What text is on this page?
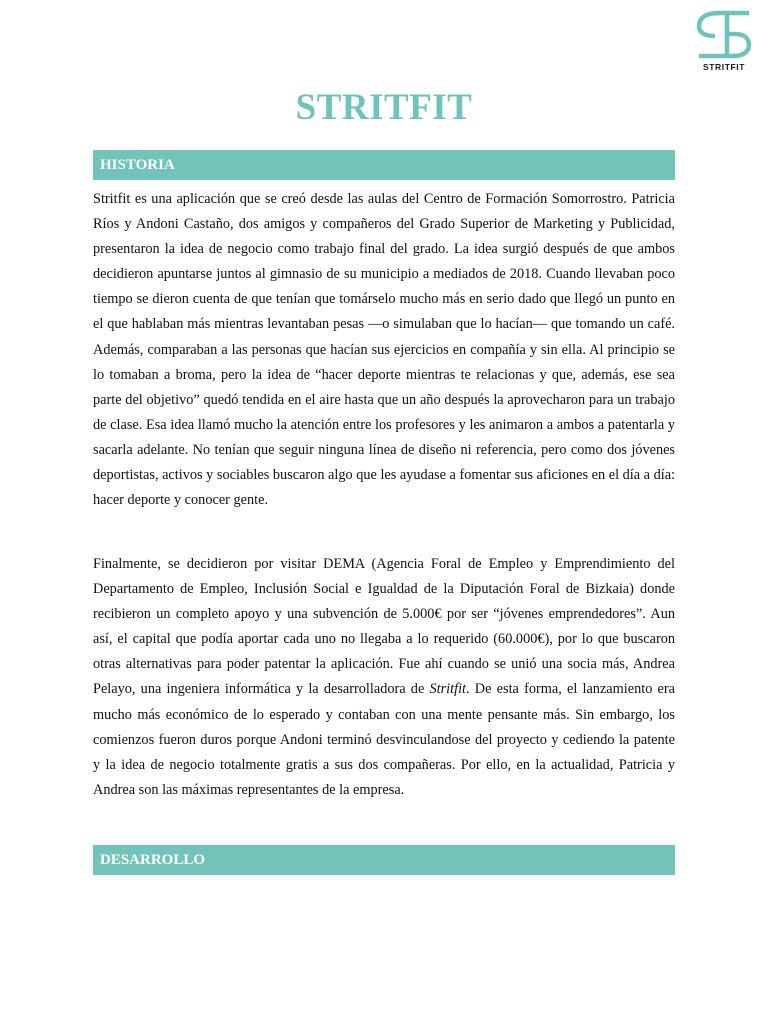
STRITFIT
STRITFIT
HISTORIA

Stritfit es una aplicación que se creó desde las aulas del Centro de Formación Somorrostro. Patricia Ríos y Andoni Castaño, dos amigos y compañeros del Grado Superior de Marketing y Publicidad, presentaron la idea de negocio como trabajo final del grado. La idea surgió después de que ambos decidieron apuntarse juntos al gimnasio de su municipio a mediados de 2018. Cuando llevaban poco tiempo se dieron cuenta de que tenían que tomárselo mucho más en serio dado que llegó un punto en el que hablaban más mientras levantaban pesas —o simulaban que lo hacían— que tomando un café. Además, comparaban a las personas que hacían sus ejercicios en compañía y sin ella. Al principio se lo tomaban a broma, pero la idea de “hacer deporte mientras te relacionas y que, además, ese sea parte del objetivo” quedó tendida en el aire hasta que un año después la aprovecharon para un trabajo de clase. Esa idea llamó mucho la atención entre los profesores y les animaron a ambos a patentarla y sacarla adelante. No tenían que seguir ninguna línea de diseño ni referencia, pero como dos jóvenes deportistas, activos y sociables buscaron algo que les ayudase a fomentar sus aficiones en el día a día: hacer deporte y conocer gente.

Finalmente, se decidieron por visitar DEMA (Agencia Foral de Empleo y Emprendimiento del Departamento de Empleo, Inclusión Social e Igualdad de la Diputación Foral de Bizkaia) donde recibieron un completo apoyo y una subvención de 5.000€ por ser “jóvenes emprendedores”. Aun así, el capital que podía aportar cada uno no llegaba a lo requerido (60.000€), por lo que buscaron otras alternativas para poder patentar la aplicación. Fue ahí cuando se unió una socia más, Andrea Pelayo, una ingeniera informática y la desarrolladora de Stritfit. De esta forma, el lanzamiento era mucho más económico de lo esperado y contaban con una mente pensante más. Sin embargo, los comienzos fueron duros porque Andoni terminó desvinculandose del proyecto y cediendo la patente y la idea de negocio totalmente gratis a sus dos compañeras. Por ello, en la actualidad, Patricia y Andrea son las máximas representantes de la empresa.

DESARROLLO
